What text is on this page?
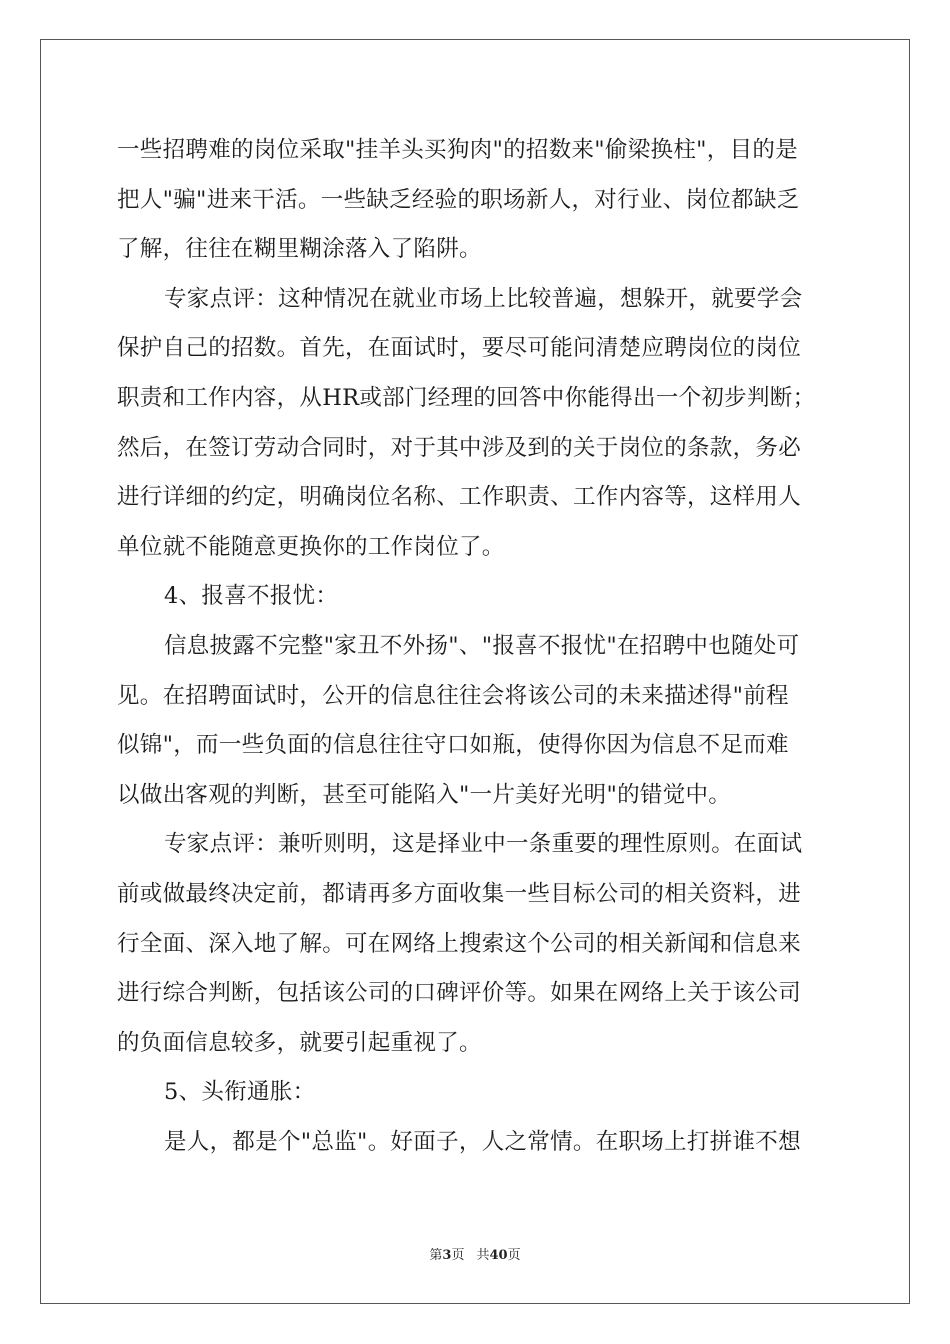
一些招聘难的岗位采取"挂羊头买狗肉"的招数来"偷梁换柱"，目的是
把人"骗"进来干活。一些缺乏经验的职场新人，对行业、岗位都缺乏
了解，往往在糊里糊涂落入了陷阱。
专家点评：这种情况在就业市场上比较普遍，想躲开，就要学会
保护自己的招数。首先，在面试时，要尽可能问清楚应聘岗位的岗位
职责和工作内容，从HR或部门经理的回答中你能得出一个初步判断；
然后，在签订劳动合同时，对于其中涉及到的关于岗位的条款，务必
进行详细的约定，明确岗位名称、工作职责、工作内容等，这样用人
单位就不能随意更换你的工作岗位了。
4、报喜不报忧：
信息披露不完整"家丑不外扬"、"报喜不报忧"在招聘中也随处可
见。在招聘面试时，公开的信息往往会将该公司的未来描述得"前程
似锦"，而一些负面的信息往往守口如瓶，使得你因为信息不足而难
以做出客观的判断，甚至可能陷入"一片美好光明"的错觉中。
专家点评：兼听则明，这是择业中一条重要的理性原则。在面试
前或做最终决定前，都请再多方面收集一些目标公司的相关资料，进
行全面、深入地了解。可在网络上搜索这个公司的相关新闻和信息来
进行综合判断，包括该公司的口碑评价等。如果在网络上关于该公司
的负面信息较多，就要引起重视了。
5、头衔通胀：
是人，都是个"总监"。好面子，人之常情。在职场上打拼谁不想
第3页 共40页
